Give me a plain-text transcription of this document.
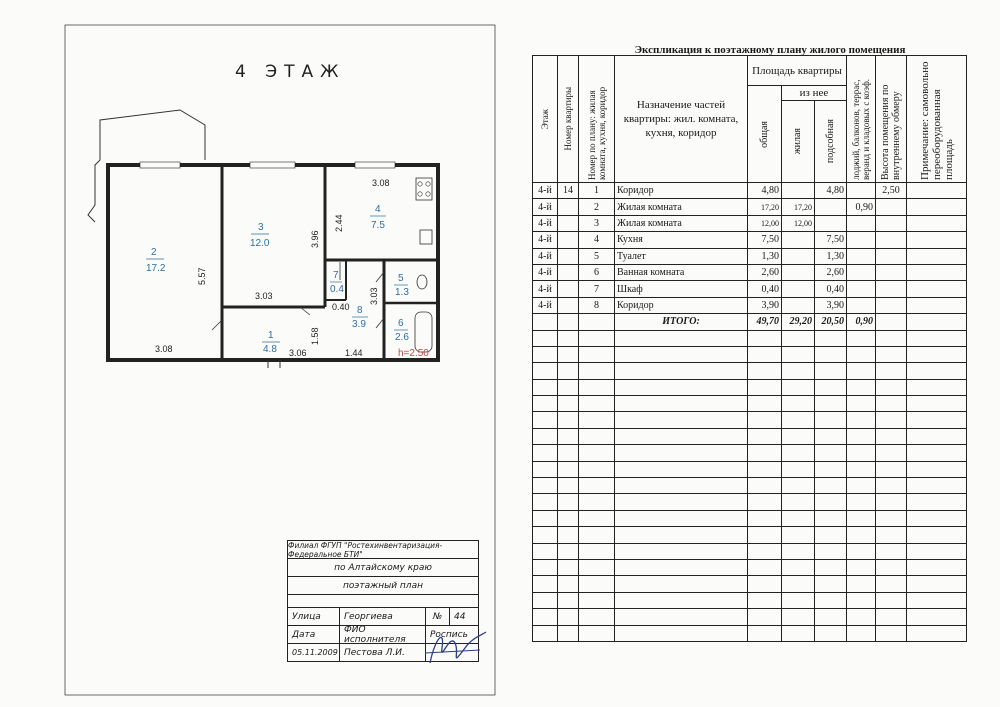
4 ЭТАЖ
3.08
5.57
3.96
2.44
3.03
1.58
3.08	3.06	1.44
3.03
0.40
2
17.2
3
12.0
4
7.5
1
4.8
7
0.4
8
3.9
5
1.3
6
2.6
h=2.50
Филиал ФГУП "Ростехинвентаризация-Федеральное БТИ"
по Алтайскому краю
поэтажный план
Улица	Георгиева	№	44
Дата	ФИО исполнителя	Роспись
05.11.2009 Пестова Л.И.
Экспликация к поэтажному плану жилого помещения
Этаж	Номер квартиры	Номер по плану: жилая комната, кухня, коридор	Назначение частей квартиры: жил. комната, кухня, коридор	Площадь квартиры			лоджий, балконов, террас, веранд и кладовых с коэф.	Высота помещения по внутреннему обмеру	Примечание: самовольно переоборудованная площадь

				общая	из нее				

					жилая	подсобная			

4-й	14	1	Коридор	4,80		4,80		2,50	
4-й		2	Жилая комната	17,20	17,20		0,90		
4-й		3	Жилая комната	12,00	12,00				
4-й		4	Кухня	7,50		7,50			
4-й		5	Туалет	1,30		1,30			
4-й		6	Ванная комната	2,60		2,60			
4-й		7	Шкаф	0,40		0,40			
4-й		8	Коридор	3,90		3,90			
			ИТОГО:	49,70	29,20	20,50	0,90		
